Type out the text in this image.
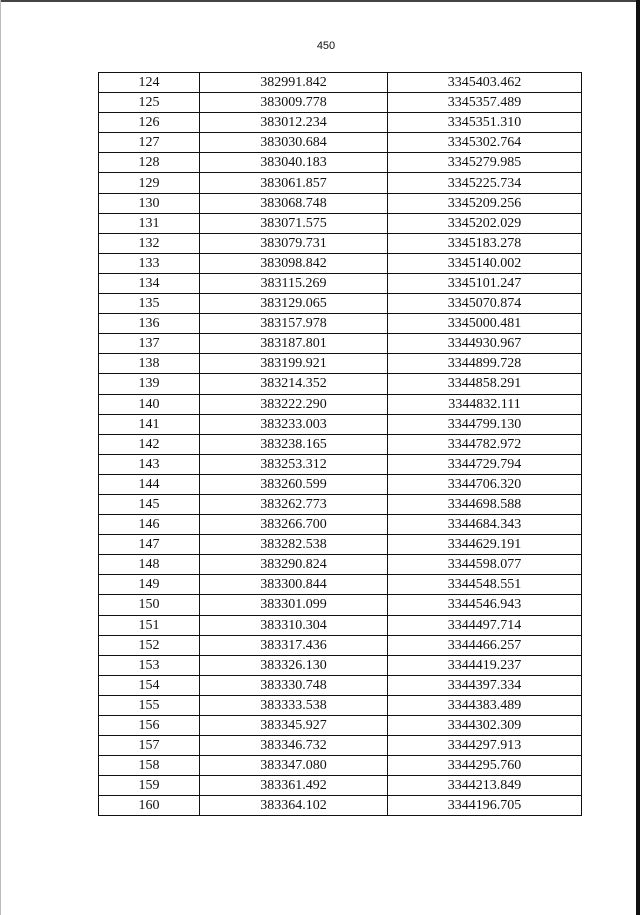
450
124	382991.842	3345403.462
125	383009.778	3345357.489
126	383012.234	3345351.310
127	383030.684	3345302.764
128	383040.183	3345279.985
129	383061.857	3345225.734
130	383068.748	3345209.256
131	383071.575	3345202.029
132	383079.731	3345183.278
133	383098.842	3345140.002
134	383115.269	3345101.247
135	383129.065	3345070.874
136	383157.978	3345000.481
137	383187.801	3344930.967
138	383199.921	3344899.728
139	383214.352	3344858.291
140	383222.290	3344832.111
141	383233.003	3344799.130
142	383238.165	3344782.972
143	383253.312	3344729.794
144	383260.599	3344706.320
145	383262.773	3344698.588
146	383266.700	3344684.343
147	383282.538	3344629.191
148	383290.824	3344598.077
149	383300.844	3344548.551
150	383301.099	3344546.943
151	383310.304	3344497.714
152	383317.436	3344466.257
153	383326.130	3344419.237
154	383330.748	3344397.334
155	383333.538	3344383.489
156	383345.927	3344302.309
157	383346.732	3344297.913
158	383347.080	3344295.760
159	383361.492	3344213.849
160	383364.102	3344196.705
